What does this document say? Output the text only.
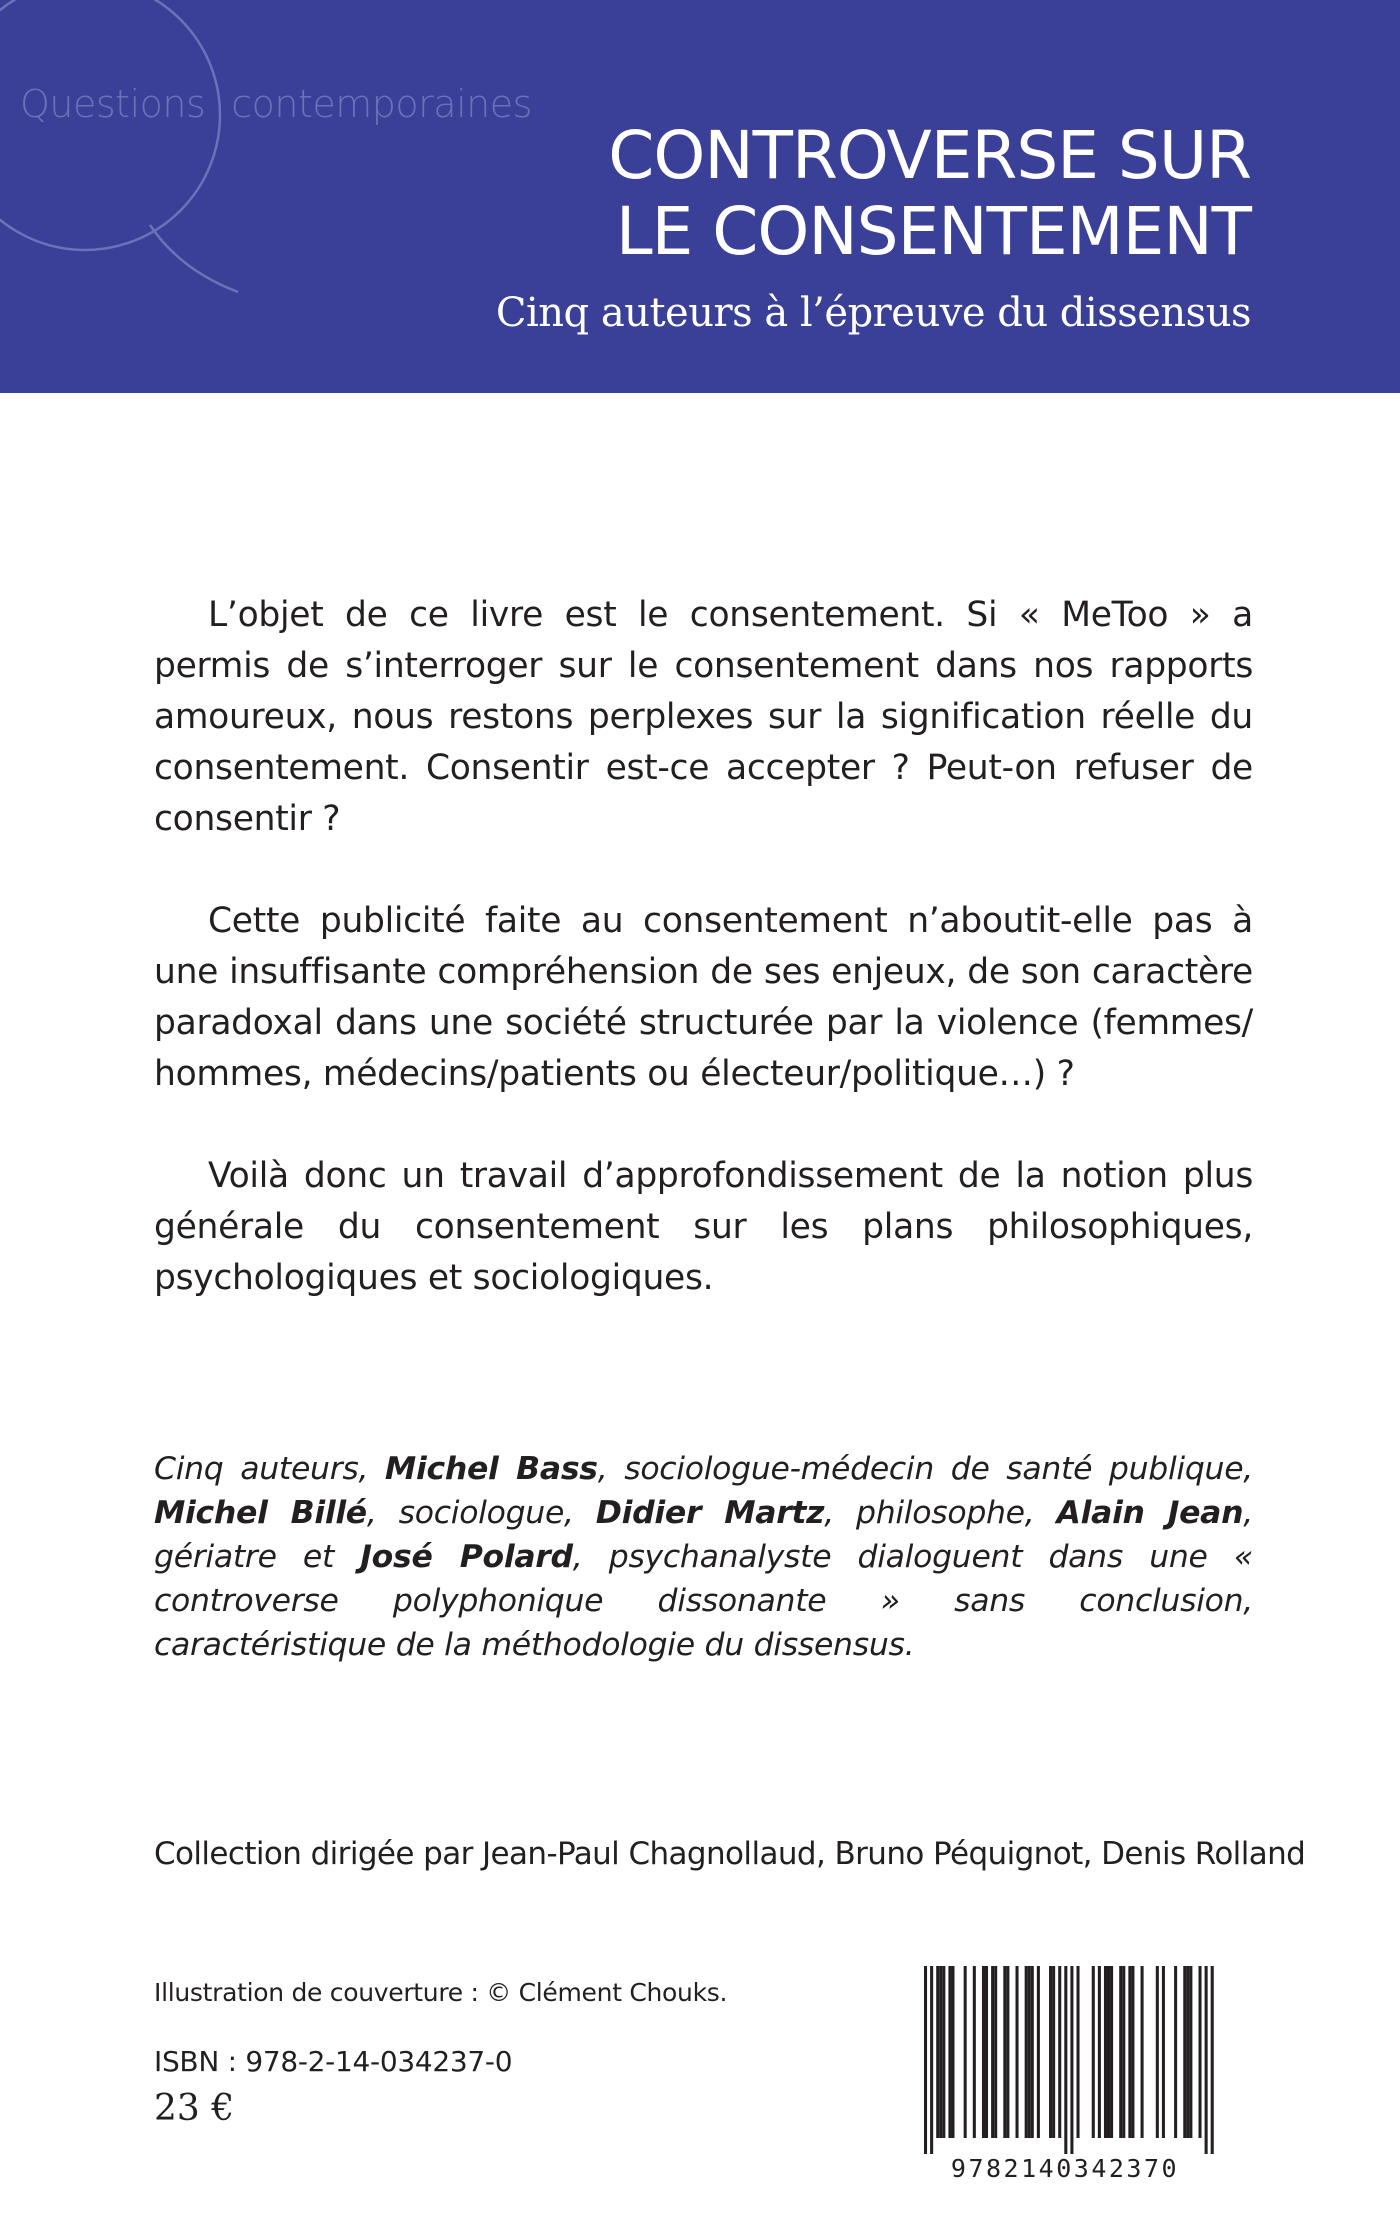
Questions contemporaines
CONTROVERSE SUR
LE CONSENTEMENT
Cinq auteurs à l’épreuve du dissensus

L’objet de ce livre est le consentement. Si « MeToo » a permis de s’interroger sur le consentement dans nos rapports amoureux, nous restons perplexes sur la signification réelle du consentement. Consentir est-ce accepter ? Peut-on refuser de consentir ?

Cette publicité faite au consentement n’aboutit-elle pas à une insuffisante compréhension de ses enjeux, de son caractère paradoxal dans une société structurée par la violence (femmes/ hommes, médecins/patients ou électeur/politique…) ?

Voilà donc un travail d’approfondissement de la notion plus générale du consentement sur les plans philosophiques, psychologiques et sociologiques.

Cinq auteurs, Michel Bass, sociologue-médecin de santé publique, Michel Billé, sociologue, Didier Martz, philosophe, Alain Jean, gériatre et José Polard, psychanalyste dialoguent dans une « controverse polyphonique dissonante » sans conclusion, caractéristique de la méthodologie du dissensus.
Collection dirigée par Jean-Paul Chagnollaud, Bruno Péquignot, Denis Rolland
Illustration de couverture : © Clément Chouks.
ISBN : 978-2-14-034237-0
23 €
9782140342370
